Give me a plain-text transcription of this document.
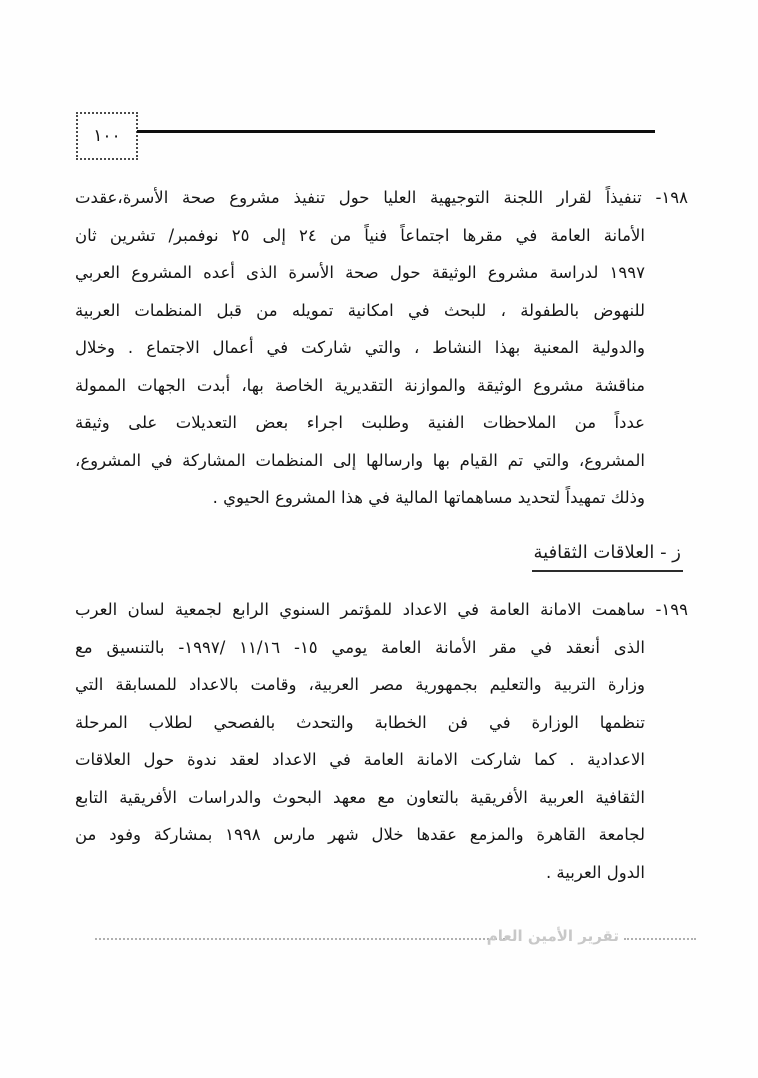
١٠٠
١٩٨- تنفيذاً لقرار اللجنة التوجيهية العليا حول تنفيذ مشروع صحة الأسرة،عقدت
الأمانة العامة في مقرها اجتماعاً فنياً من ٢٤ إلى ٢٥ نوفمبر/ تشرين ثان
١٩٩٧ لدراسة مشروع الوثيقة حول صحة الأسرة الذى أعده المشروع العربي
للنهوض بالطفولة ، للبحث في امكانية تمويله من قبل المنظمات العربية
والدولية المعنية بهذا النشاط ، والتي شاركت في أعمال الاجتماع . وخلال
مناقشة مشروع الوثيقة والموازنة التقديرية الخاصة بها، أبدت الجهات الممولة
عدداً من الملاحظات الفنية وطلبت اجراء بعض التعديلات على وثيقة
المشروع، والتي تم القيام بها وارسالها إلى المنظمات المشاركة في المشروع،
وذلك تمهيداً لتحديد مساهماتها المالية في هذا المشروع الحيوي .
ز - العلاقات الثقافية
١٩٩- ساهمت الامانة العامة في الاعداد للمؤتمر السنوي الرابع لجمعية لسان العرب
الذى أنعقد في مقر الأمانة العامة يومي ١٥- ١١/١٦ /١٩٩٧- بالتنسيق مع
وزارة التربية والتعليم بجمهورية مصر العربية، وقامت بالاعداد للمسابقة التي
تنظمها الوزارة في فن الخطابة والتحدث بالفصحي لطلاب المرحلة
الاعدادية . كما شاركت الامانة العامة في الاعداد لعقد ندوة حول العلاقات
الثقافية العربية الأفريقية بالتعاون مع معهد البحوث والدراسات الأفريقية التابع
لجامعة القاهرة والمزمع عقدها خلال شهر مارس ١٩٩٨ بمشاركة وفود من
الدول العربية .
تقرير الأمين العام
